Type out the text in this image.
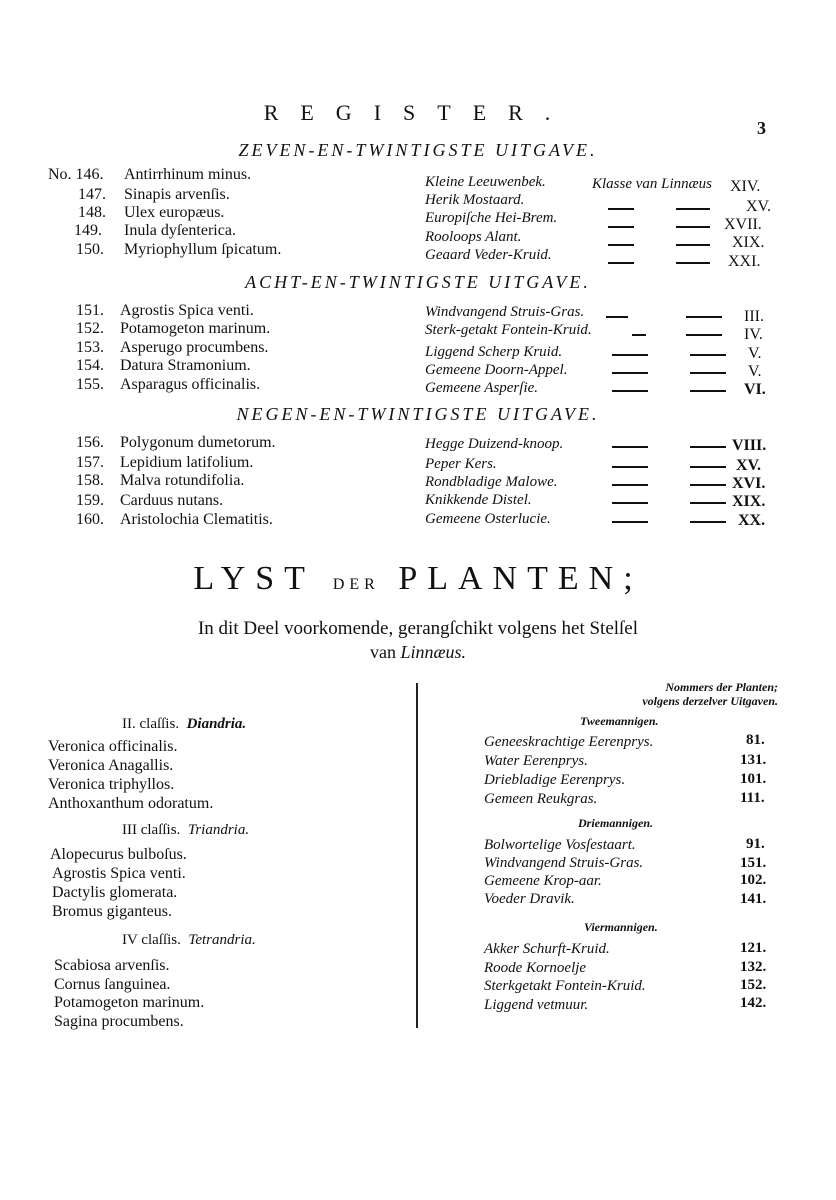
REGISTER.
3
ZEVEN-EN-TWINTIGSTE UITGAVE.
Klasse van Linnæus
No. 146. Antirrhinum minus.	Kleine Leeuwenbek.	XIV.
147. Sinapis arvenſis.	Herik Mostaard.	XV.
148. Ulex europæus.	Europiſche Hei-Brem.	XVII.
149. Inula dyſenterica.	Rooloops Alant.	XIX.
150. Myriophyllum ſpicatum.	Geaard Veder-Kruid.	XXI.
ACHT-EN-TWINTIGSTE UITGAVE.
151. Agrostis Spica venti.	Windvangend Struis-Gras.	III.
152. Potamogeton marinum.	Sterk-getakt Fontein-Kruid.	IV.
153. Asperugo procumbens.	Liggend Scherp Kruid.	V.
154. Datura Stramonium.	Gemeene Doorn-Appel.	V.
155. Asparagus officinalis.	Gemeene Asperſie.	VI.
NEGEN-EN-TWINTIGSTE UITGAVE.
156. Polygonum dumetorum.	Hegge Duizend-knoop.	VIII.
157. Lepidium latifolium.	Peper Kers.	XV.
158. Malva rotundifolia.	Rondbladige Malowe.	XVI.
159. Carduus nutans.	Knikkende Distel.	XIX.
160. Aristolochia Clematitis.	Gemeene Osterlucie.	XX.
LYST DER PLANTEN;
In dit Deel voorkomende, gerangſchikt volgens het Stelſel
van Linnæus.
Nommers der Planten;
volgens derzelver Uitgaven.
II. claſſis. Diandria.	Tweemannigen.
Veronica officinalis.
Veronica Anagallis.
Veronica triphyllos.
Anthoxanthum odoratum.
Geneeskrachtige Eerenprys.	81.
Water Eerenprys.	131.
Driebladige Eerenprys.	101.
Gemeen Reukgras.	111.
III claſſis. Triandria.	Driemannigen.
Alopecurus bulboſus.
Agrostis Spica venti.
Dactylis glomerata.
Bromus giganteus.
Bolwortelige Vosſestaart.	91.
Windvangend Struis-Gras.	151.
Gemeene Krop-aar.	102.
Voeder Dravik.	141.
IV claſſis. Tetrandria.
Viermannigen.
Scabiosa arvenſis.
Cornus ſanguinea.
Potamogeton marinum.
Sagina procumbens.
Akker Schurft-Kruid.	121.
Roode Kornoelje	132.
Sterkgetakt Fontein-Kruid.	152.
Liggend vetmuur.	142.
